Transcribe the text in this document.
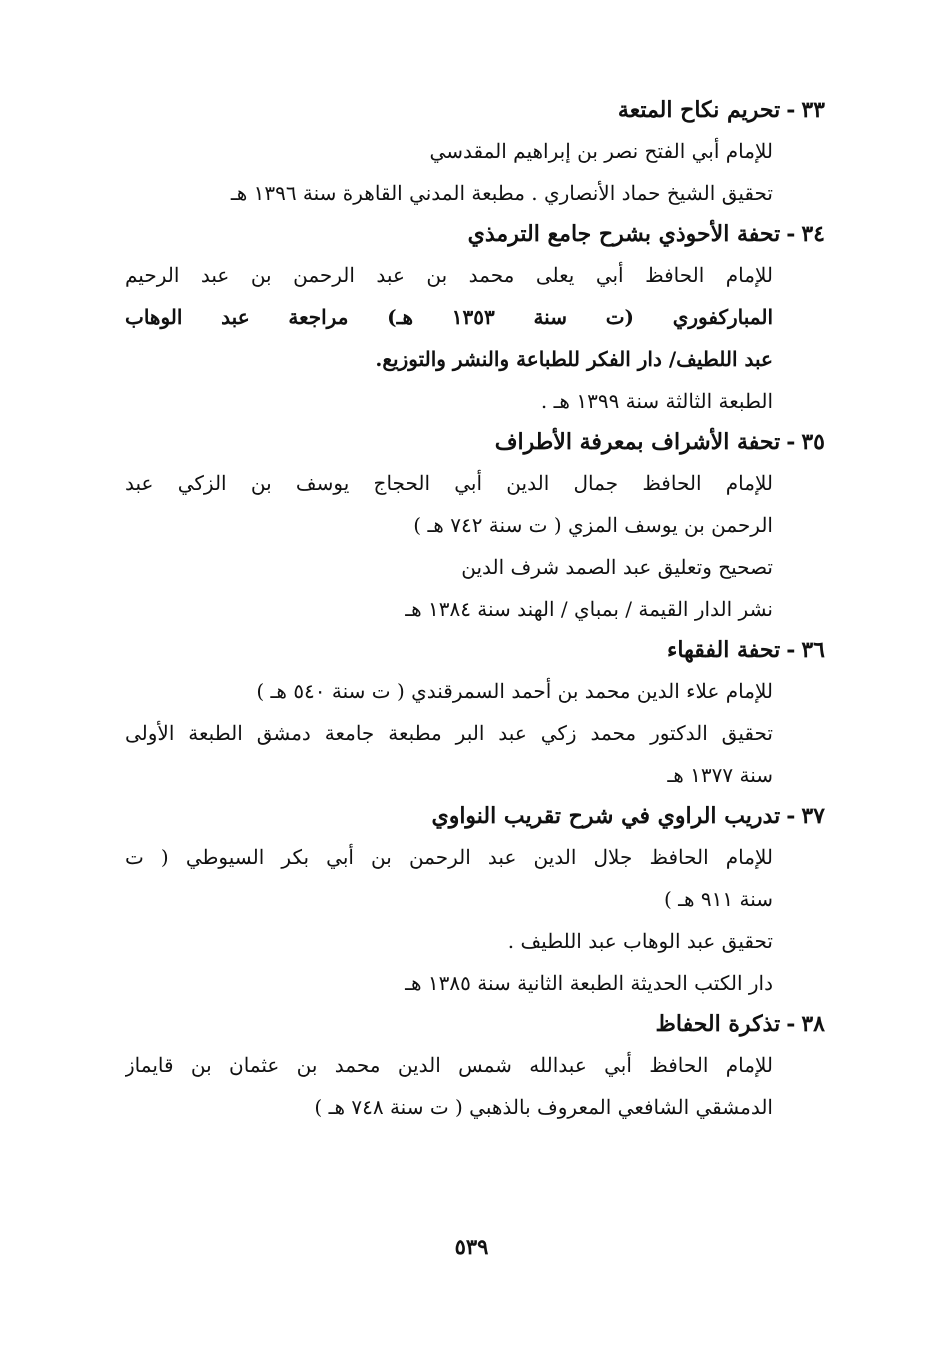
٣٣
-
تحريم نكاح المتعة
للإمام أبي الفتح نصر بن إبراهيم المقدسي
تحقيق الشيخ حماد الأنصاري . مطبعة المدني القاهرة سنة ١٣٩٦ هـ
٣٤
-
تحفة الأحوذي بشرح جامع الترمذي
للإمام الحافظ أبي يعلى محمد بن عبد الرحمن بن عبد الرحيم
المباركفوري (ت سنة ١٣٥٣ هـ) مراجعة عبد الوهاب
عبد اللطيف/ دار الفكر للطباعة والنشر والتوزيع.
الطبعة الثالثة سنة ١٣٩٩ هـ .
٣٥
-
تحفة الأشراف بمعرفة الأطراف
للإمام الحافظ جمال الدين أبي الحجاج يوسف بن الزكي عبد
الرحمن بن يوسف المزي ( ت سنة ٧٤٢ هـ )
تصحيح وتعليق عبد الصمد شرف الدين
نشر الدار القيمة / بمباي / الهند سنة ١٣٨٤ هـ
٣٦
-
تحفة الفقهاء
للإمام علاء الدين محمد بن أحمد السمرقندي ( ت سنة ٥٤٠ هـ )
تحقيق الدكتور محمد زكي عبد البر مطبعة جامعة دمشق الطبعة الأولى
سنة ١٣٧٧ هـ
٣٧
-
تدريب الراوي في شرح تقريب النواوي
للإمام الحافظ جلال الدين عبد الرحمن بن أبي بكر السيوطي ( ت
سنة ٩١١ هـ )
تحقيق عبد الوهاب عبد اللطيف .
دار الكتب الحديثة الطبعة الثانية سنة ١٣٨٥ هـ
٣٨
-
تذكرة الحفاظ
للإمام الحافظ أبي عبدالله شمس الدين محمد بن عثمان بن قايماز
الدمشقي الشافعي المعروف بالذهبي ( ت سنة ٧٤٨ هـ )
٥٣٩
